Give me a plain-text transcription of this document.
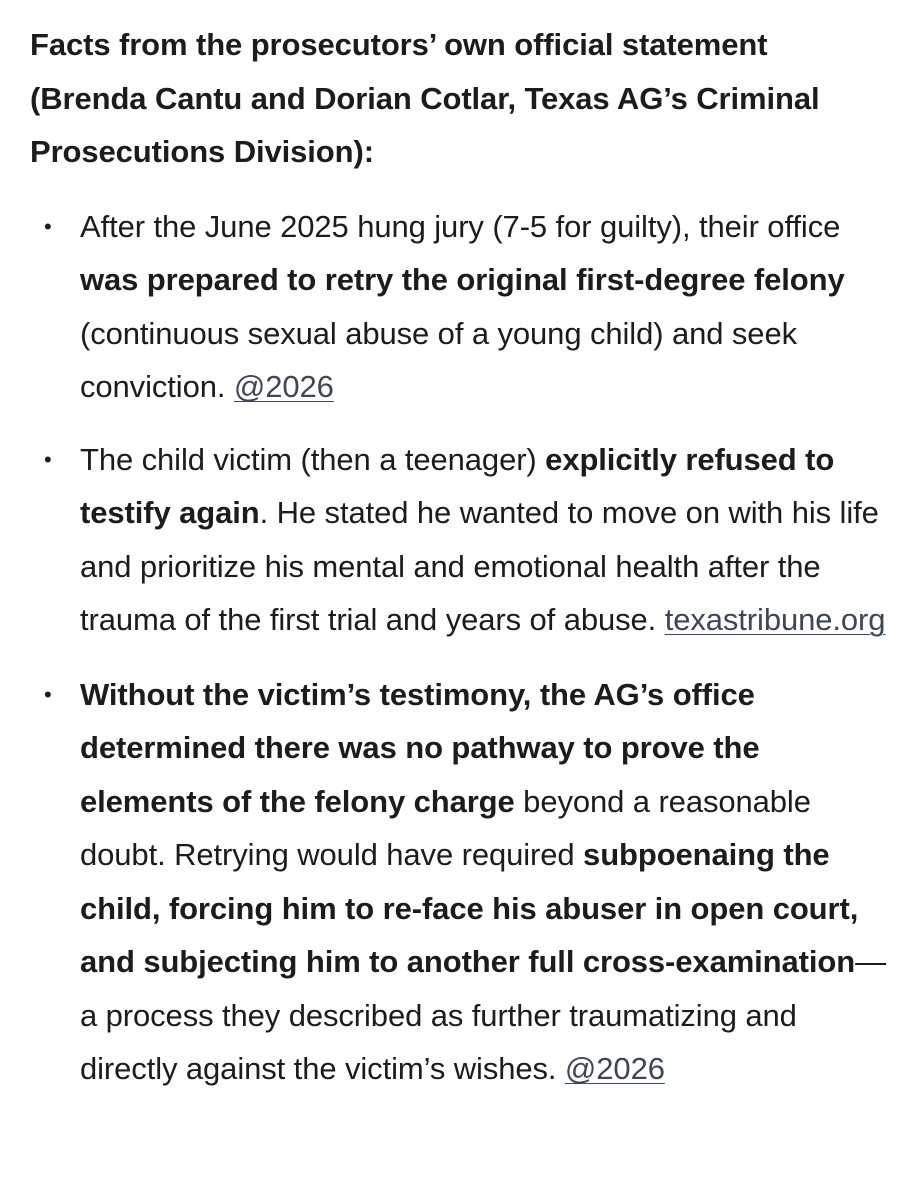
Facts from the prosecutors’ own official statement (Brenda Cantu and Dorian Cotlar, Texas AG’s Criminal Prosecutions Division):

• After the June 2025 hung jury (7-5 for guilty), their office was prepared to retry the original first-degree felony (continuous sexual abuse of a young child) and seek conviction. @2026
• The child victim (then a teenager) explicitly refused to testify again. He stated he wanted to move on with his life and prioritize his mental and emotional health after the trauma of the first trial and years of abuse. texastribune.org
• Without the victim’s testimony, the AG’s office determined there was no pathway to prove the elements of the felony charge beyond a reasonable doubt. Retrying would have required subpoenaing the child, forcing him to re-face his abuser in open court, and subjecting him to another full cross-examination—a process they described as further traumatizing and directly against the victim’s wishes. @2026
